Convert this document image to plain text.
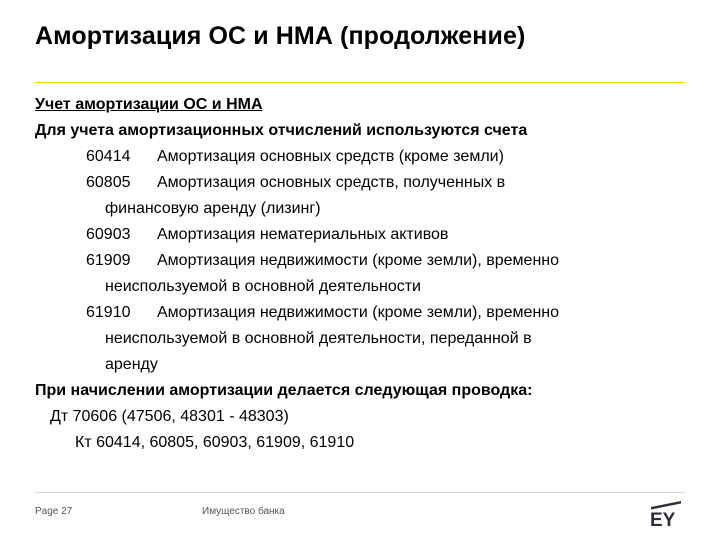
Амортизация ОС и НМА (продолжение)

Учет амортизации ОС и НМА

Для учета амортизационных отчислений используются счета

60414	Амортизация основных средств (кроме земли)
60805	Амортизация основных средств, полученных в
финансовую аренду (лизинг)
60903	Амортизация нематериальных активов
61909	Амортизация недвижимости (кроме земли), временно
неиспользуемой в основной деятельности
61910	Амортизация недвижимости (кроме земли), временно
неиспользуемой в основной деятельности, переданной в
аренду

При начислении амортизации делается следующая проводка:

Дт 70606 (47506, 48301 - 48303)

Кт 60414, 60805, 60903, 61909, 61910

Page 27	Имущество банка	EY
